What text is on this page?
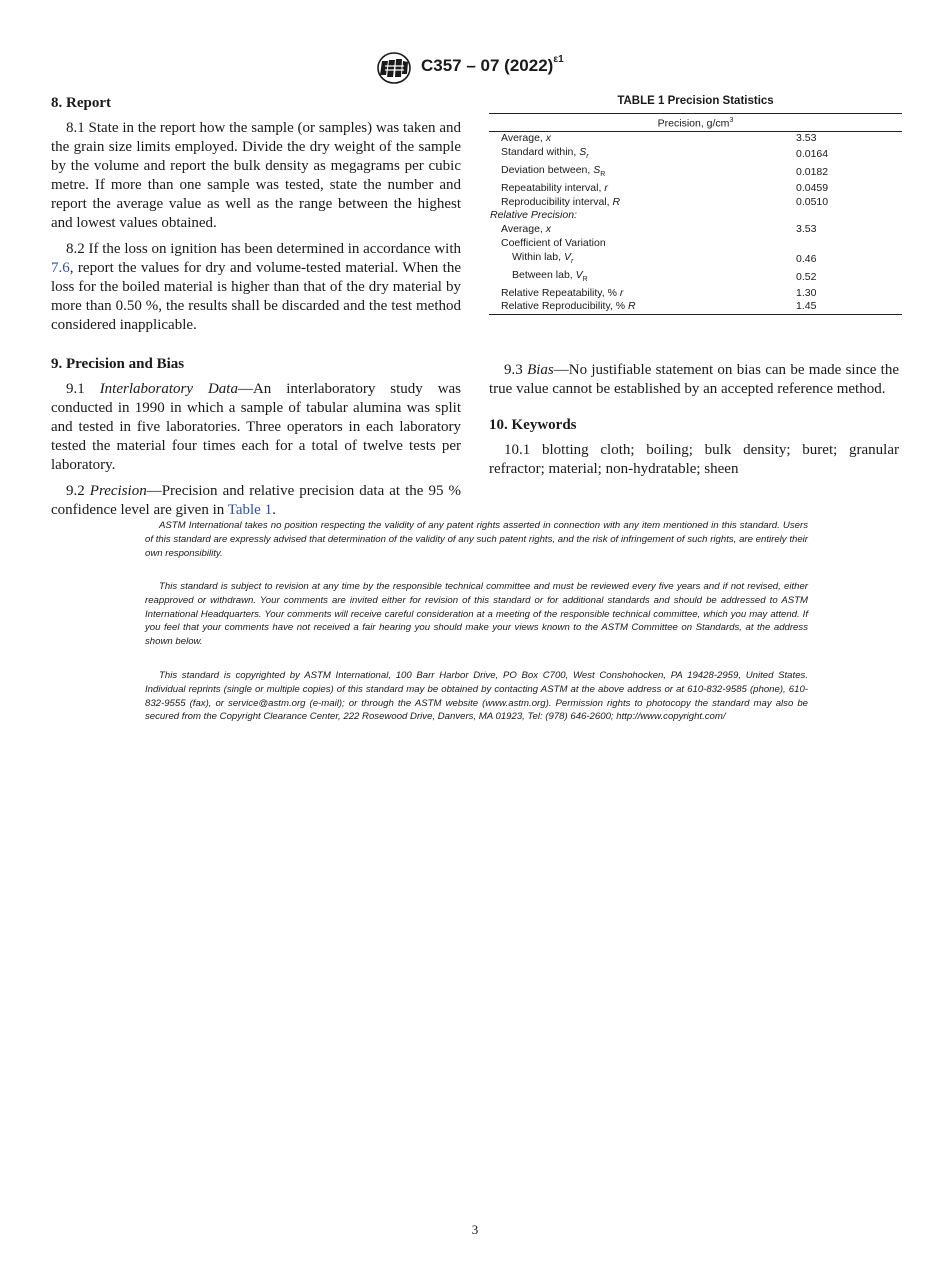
C357 – 07 $(2022)^{\varepsilon 1}$

8. Report

8.1 State in the report how the sample (or samples) was taken and the grain size limits employed. Divide the dry weight of the sample by the volume and report the bulk density as megagrams per cubic metre. If more than one sample was tested, state the number and report the average value as well as the range between the highest and lowest values obtained.

8.2 If the loss on ignition has been determined in accordance with 7.6, report the values for dry and volume-tested material. When the loss for the boiled material is higher than that of the dry material by more than 0.50 %, the results shall be discarded and the test method considered inapplicable.

9. Precision and Bias

9.1 Interlaboratory Data—An interlaboratory study was conducted in 1990 in which a sample of tabular alumina was split and tested in five laboratories. Three operators in each laboratory tested the material four times each for a total of twelve tests per laboratory.

9.2 Precision—Precision and relative precision data at the 95 % confidence level are given in Table 1.

TABLE 1 Precision Statistics
Precision, $g/cm^3$
Average, x	3.53
Standard within, $S_r$	0.0164
Deviation between, $S_R$	0.0182
Repeatability interval, r	0.0459
Reproducibility interval, R	0.0510
Relative Precision:	
Average, x	3.53
Coefficient of Variation	
Within lab, $V_r$	0.46
Between lab, $V_R$	0.52
Relative Repeatability, % r	1.30
Relative Reproducibility, % R	1.45

9.3 Bias—No justifiable statement on bias can be made since the true value cannot be established by an accepted reference method.

10. Keywords

10.1 blotting cloth; boiling; bulk density; buret; granular refractor; material; non-hydratable; sheen

ASTM International takes no position respecting the validity of any patent rights asserted in connection with any item mentioned in this standard. Users of this standard are expressly advised that determination of the validity of any such patent rights, and the risk of infringement of such rights, are entirely their own responsibility.

This standard is subject to revision at any time by the responsible technical committee and must be reviewed every five years and if not revised, either reapproved or withdrawn. Your comments are invited either for revision of this standard or for additional standards and should be addressed to ASTM International Headquarters. Your comments will receive careful consideration at a meeting of the responsible technical committee, which you may attend. If you feel that your comments have not received a fair hearing you should make your views known to the ASTM Committee on Standards, at the address shown below.

This standard is copyrighted by ASTM International, 100 Barr Harbor Drive, PO Box C700, West Conshohocken, PA 19428-2959, United States. Individual reprints (single or multiple copies) of this standard may be obtained by contacting ASTM at the above address or at 610-832-9585 (phone), 610-832-9555 (fax), or service@astm.org (e-mail); or through the ASTM website (www.astm.org). Permission rights to photocopy the standard may also be secured from the Copyright Clearance Center, 222 Rosewood Drive, Danvers, MA 01923, Tel: (978) 646-2600; http://www.copyright.com/

3
